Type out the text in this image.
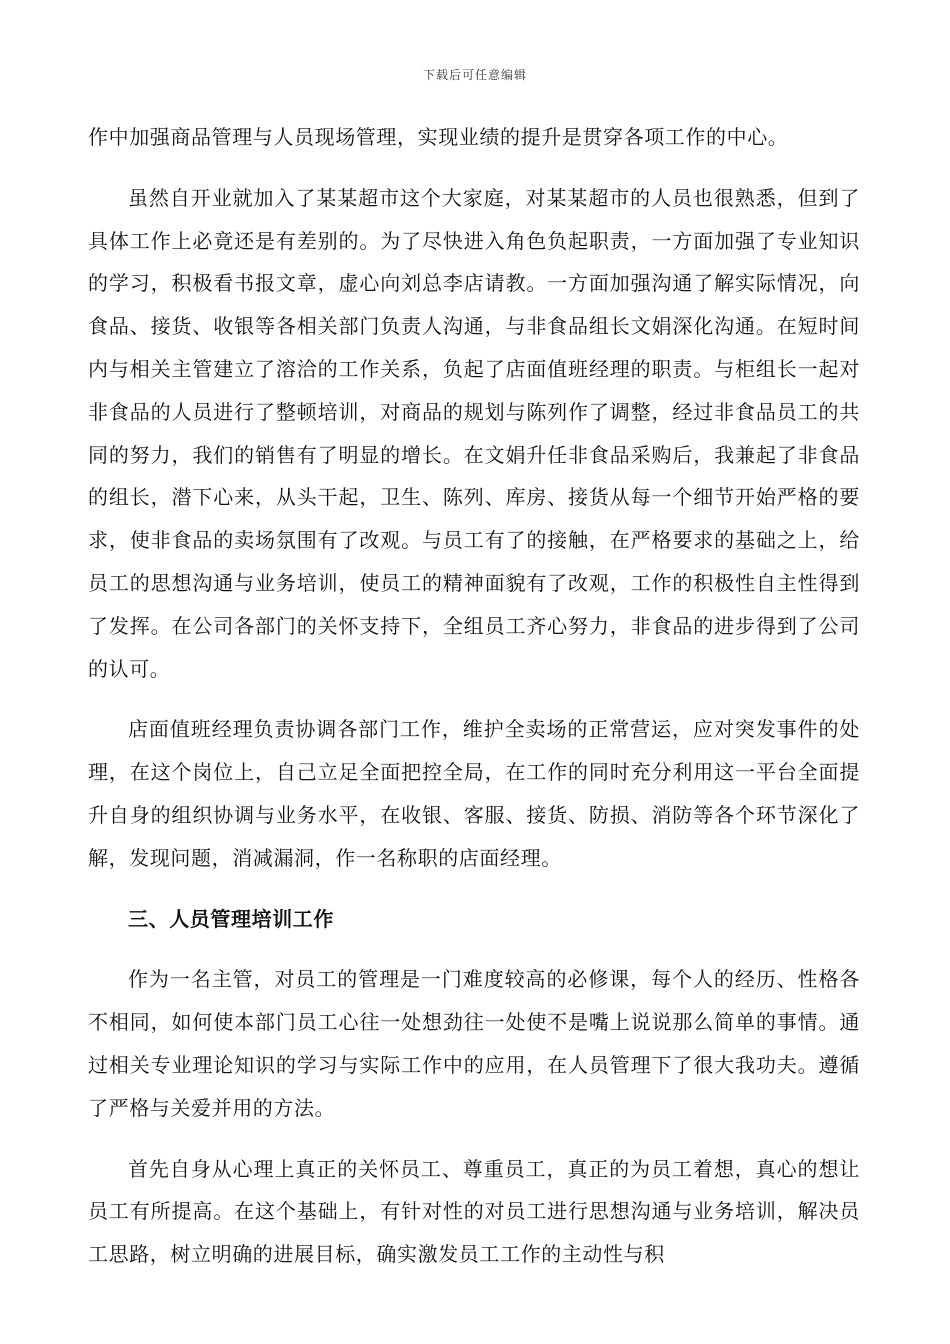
下载后可任意编辑

作中加强商品管理与人员现场管理，实现业绩的提升是贯穿各项工作的中心。

虽然自开业就加入了某某超市这个大家庭，对某某超市的人员也很熟悉，但到了具体工作上必竟还是有差别的。为了尽快进入角色负起职责，一方面加强了专业知识的学习，积极看书报文章，虚心向刘总李店请教。一方面加强沟通了解实际情况，向食品、接货、收银等各相关部门负责人沟通，与非食品组长文娟深化沟通。在短时间内与相关主管建立了溶洽的工作关系，负起了店面值班经理的职责。与柜组长一起对非食品的人员进行了整顿培训，对商品的规划与陈列作了调整，经过非食品员工的共同的努力，我们的销售有了明显的增长。在文娟升任非食品采购后，我兼起了非食品的组长，潜下心来，从头干起，卫生、陈列、库房、接货从每一个细节开始严格的要求，使非食品的卖场氛围有了改观。与员工有了的接触，在严格要求的基础之上，给员工的思想沟通与业务培训，使员工的精神面貌有了改观，工作的积极性自主性得到了发挥。在公司各部门的关怀支持下，全组员工齐心努力，非食品的进步得到了公司的认可。

店面值班经理负责协调各部门工作，维护全卖场的正常营运，应对突发事件的处理，在这个岗位上，自己立足全面把控全局，在工作的同时充分利用这一平台全面提升自身的组织协调与业务水平，在收银、客服、接货、防损、消防等各个环节深化了解，发现问题，消减漏洞，作一名称职的店面经理。

三、人员管理培训工作

作为一名主管，对员工的管理是一门难度较高的必修课，每个人的经历、性格各不相同，如何使本部门员工心往一处想劲往一处使不是嘴上说说那么简单的事情。通过相关专业理论知识的学习与实际工作中的应用，在人员管理下了很大我功夫。遵循了严格与关爱并用的方法。

首先自身从心理上真正的关怀员工、尊重员工，真正的为员工着想，真心的想让员工有所提高。在这个基础上，有针对性的对员工进行思想沟通与业务培训，解决员工思路，树立明确的进展目标，确实激发员工工作的主动性与积
